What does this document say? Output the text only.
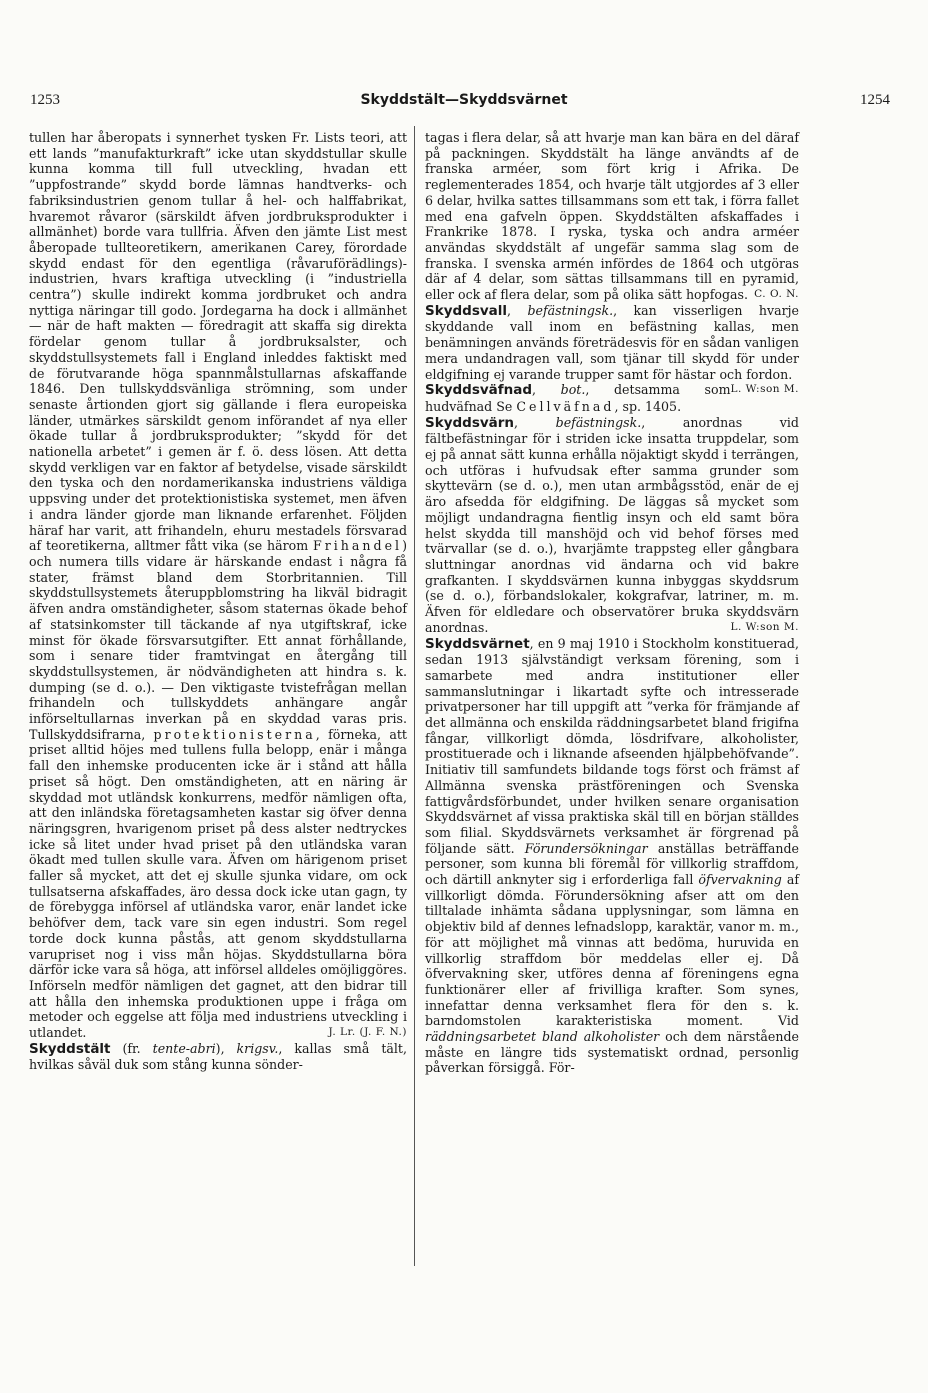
1253	Skyddstält—Skyddsvärnet	1254

tullen har åberopats i synnerhet tysken Fr. Lists teori, att ett lands ”manufakturkraft” icke utan skyddstullar skulle kunna komma till full utveckling, hvadan ett ”uppfostrande” skydd borde lämnas handtverks- och fabriksindustrien genom tullar å hel- och halffabrikat, hvaremot råvaror (särskildt äfven jordbruksprodukter i allmänhet) borde vara tullfria. Äfven den jämte List mest åberopade tullteoretikern, amerikanen Carey, förordade skydd endast för den egentliga (råvaruförädlings)-industrien, hvars kraftiga utveckling (i ”industriella centra”) skulle indirekt komma jordbruket och andra nyttiga näringar till godo. Jordegarna ha dock i allmänhet — när de haft makten — föredragit att skaffa sig direkta fördelar genom tullar å jordbruksalster, och skyddstullsystemets fall i England inleddes faktiskt med de förutvarande höga spannmålstullarnas afskaffande 1846. Den tullskyddsvänliga strömning, som under senaste årtionden gjort sig gällande i flera europeiska länder, utmärkes särskildt genom införandet af nya eller ökade tullar å jordbruksprodukter; ”skydd för det nationella arbetet” i gemen är f. ö. dess lösen. Att detta skydd verkligen var en faktor af betydelse, visade särskildt den tyska och den nordamerikanska industriens väldiga uppsving under det protektionistiska systemet, men äfven i andra länder gjorde man liknande erfarenhet. Följden häraf har varit, att frihandeln, ehuru mestadels försvarad af teoretikerna, alltmer fått vika (se härom Frihandel) och numera tills vidare är härskande endast i några få stater, främst bland dem Storbritannien. Till skyddstullsystemets återuppblomstring ha likväl bidragit äfven andra omständigheter, såsom staternas ökade behof af statsinkomster till täckande af nya utgiftskraf, icke minst för ökade försvarsutgifter. Ett annat förhållande, som i senare tider framtvingat en återgång till skyddstullsystemen, är nödvändigheten att hindra s. k. dumping (se d. o.). — Den viktigaste tvistefrågan mellan frihandeln och tullskyddets anhängare angår införseltullarnas inverkan på en skyddad varas pris. Tullskyddsifrarna, protektionisterna, förneka, att priset alltid höjes med tullens fulla belopp, enär i många fall den inhemske producenten icke är i stånd att hålla priset så högt. Den omständigheten, att en näring är skyddad mot utländsk konkurrens, medför nämligen ofta, att den inländska företagsamheten kastar sig öfver denna näringsgren, hvarigenom priset på dess alster nedtryckes icke så litet under hvad priset på den utländska varan ökadt med tullen skulle vara. Äfven om härigenom priset faller så mycket, att det ej skulle sjunka vidare, om ock tullsatserna afskaffades, äro dessa dock icke utan gagn, ty de förebygga införsel af utländska varor, enär landet icke behöfver dem, tack vare sin egen industri. Som regel torde dock kunna påstås, att genom skyddstullarna varupriset nog i viss mån höjas. Skyddstullarna böra därför icke vara så höga, att införsel alldeles omöjliggöres. Införseln medför nämligen det gagnet, att den bidrar till att hålla den inhemska produktionen uppe i fråga om metoder och eggelse att följa med industriens utveckling i utlandet.	J. Lr. (J. F. N.)

Skyddstält (fr. tente-abri), krigsv., kallas små tält, hvilkas såväl duk som stång kunna sönder-

tagas i flera delar, så att hvarje man kan bära en del däraf på packningen. Skyddstält ha länge användts af de franska arméer, som fört krig i Afrika. De reglementerades 1854, och hvarje tält utgjordes af 3 eller 6 delar, hvilka sattes tillsammans som ett tak, i förra fallet med ena gafveln öppen. Skyddstälten afskaffades i Frankrike 1878. I ryska, tyska och andra arméer användas skyddstält af ungefär samma slag som de franska. I svenska armén infördes de 1864 och utgöras där af 4 delar, som sättas tillsammans till en pyramid, eller ock af flera delar, som på olika sätt hopfogas. C. O. N.

Skyddsvall, befästningsk., kan visserligen hvarje skyddande vall inom en befästning kallas, men benämningen används företrädesvis för en sådan vanligen mera undandragen vall, som tjänar till skydd för under eldgifning ej varande trupper samt för hästar och fordon.
L. W:son M.

Skyddsväfnad, bot., detsamma som hudväfnad Se Cellväfnad, sp. 1405.

Skyddsvärn, befästningsk., anordnas vid fältbefästningar för i striden icke insatta truppdelar, som ej på annat sätt kunna erhålla nöjaktigt skydd i terrängen, och utföras i hufvudsak efter samma grunder som skyttevärn (se d. o.), men utan armbågsstöd, enär de ej äro afsedda för eldgifning. De läggas så mycket som möjligt undandragna fientlig insyn och eld samt böra helst skydda till manshöjd och vid behof förses med tvärvallar (se d. o.), hvarjämte trappsteg eller gångbara sluttningar anordnas vid ändarna och vid bakre grafkanten. I skyddsvärnen kunna inbyggas skyddsrum (se d. o.), förbandslokaler, kokgrafvar, latriner, m. m. Äfven för eldledare och observatörer bruka skyddsvärn anordnas.	L. W:son M.

Skyddsvärnet, en 9 maj 1910 i Stockholm konstituerad, sedan 1913 självständigt verksam förening, som i samarbete med andra institutioner eller sammanslutningar i likartadt syfte och intresserade privatpersoner har till uppgift att ”verka för främjande af det allmänna och enskilda räddningsarbetet bland frigifna fångar, villkorligt dömda, lösdrifvare, alkoholister, prostituerade och i liknande afseenden hjälpbehöfvande”. Initiativ till samfundets bildande togs först och främst af Allmänna svenska prästföreningen och Svenska fattigvårdsförbundet, under hvilken senare organisation Skyddsvärnet af vissa praktiska skäl till en början ställdes som filial. Skyddsvärnets verksamhet är förgrenad på följande sätt. Förundersökningar anställas beträffande personer, som kunna bli föremål för villkorlig straffdom, och därtill anknyter sig i erforderliga fall öfvervakning af villkorligt dömda. Förundersökning afser att om den tilltalade inhämta sådana upplysningar, som lämna en objektiv bild af dennes lefnadslopp, karaktär, vanor m. m., för att möjlighet må vinnas att bedöma, huruvida en villkorlig straffdom bör meddelas eller ej. Då öfvervakning sker, utföres denna af föreningens egna funktionärer eller af frivilliga krafter. Som synes, innefattar denna verksamhet flera för den s. k. barndomstolen karakteristiska moment. Vid räddningsarbetet bland alkoholister och dem närstående måste en längre tids systematiskt ordnad, personlig påverkan försiggå. För-
